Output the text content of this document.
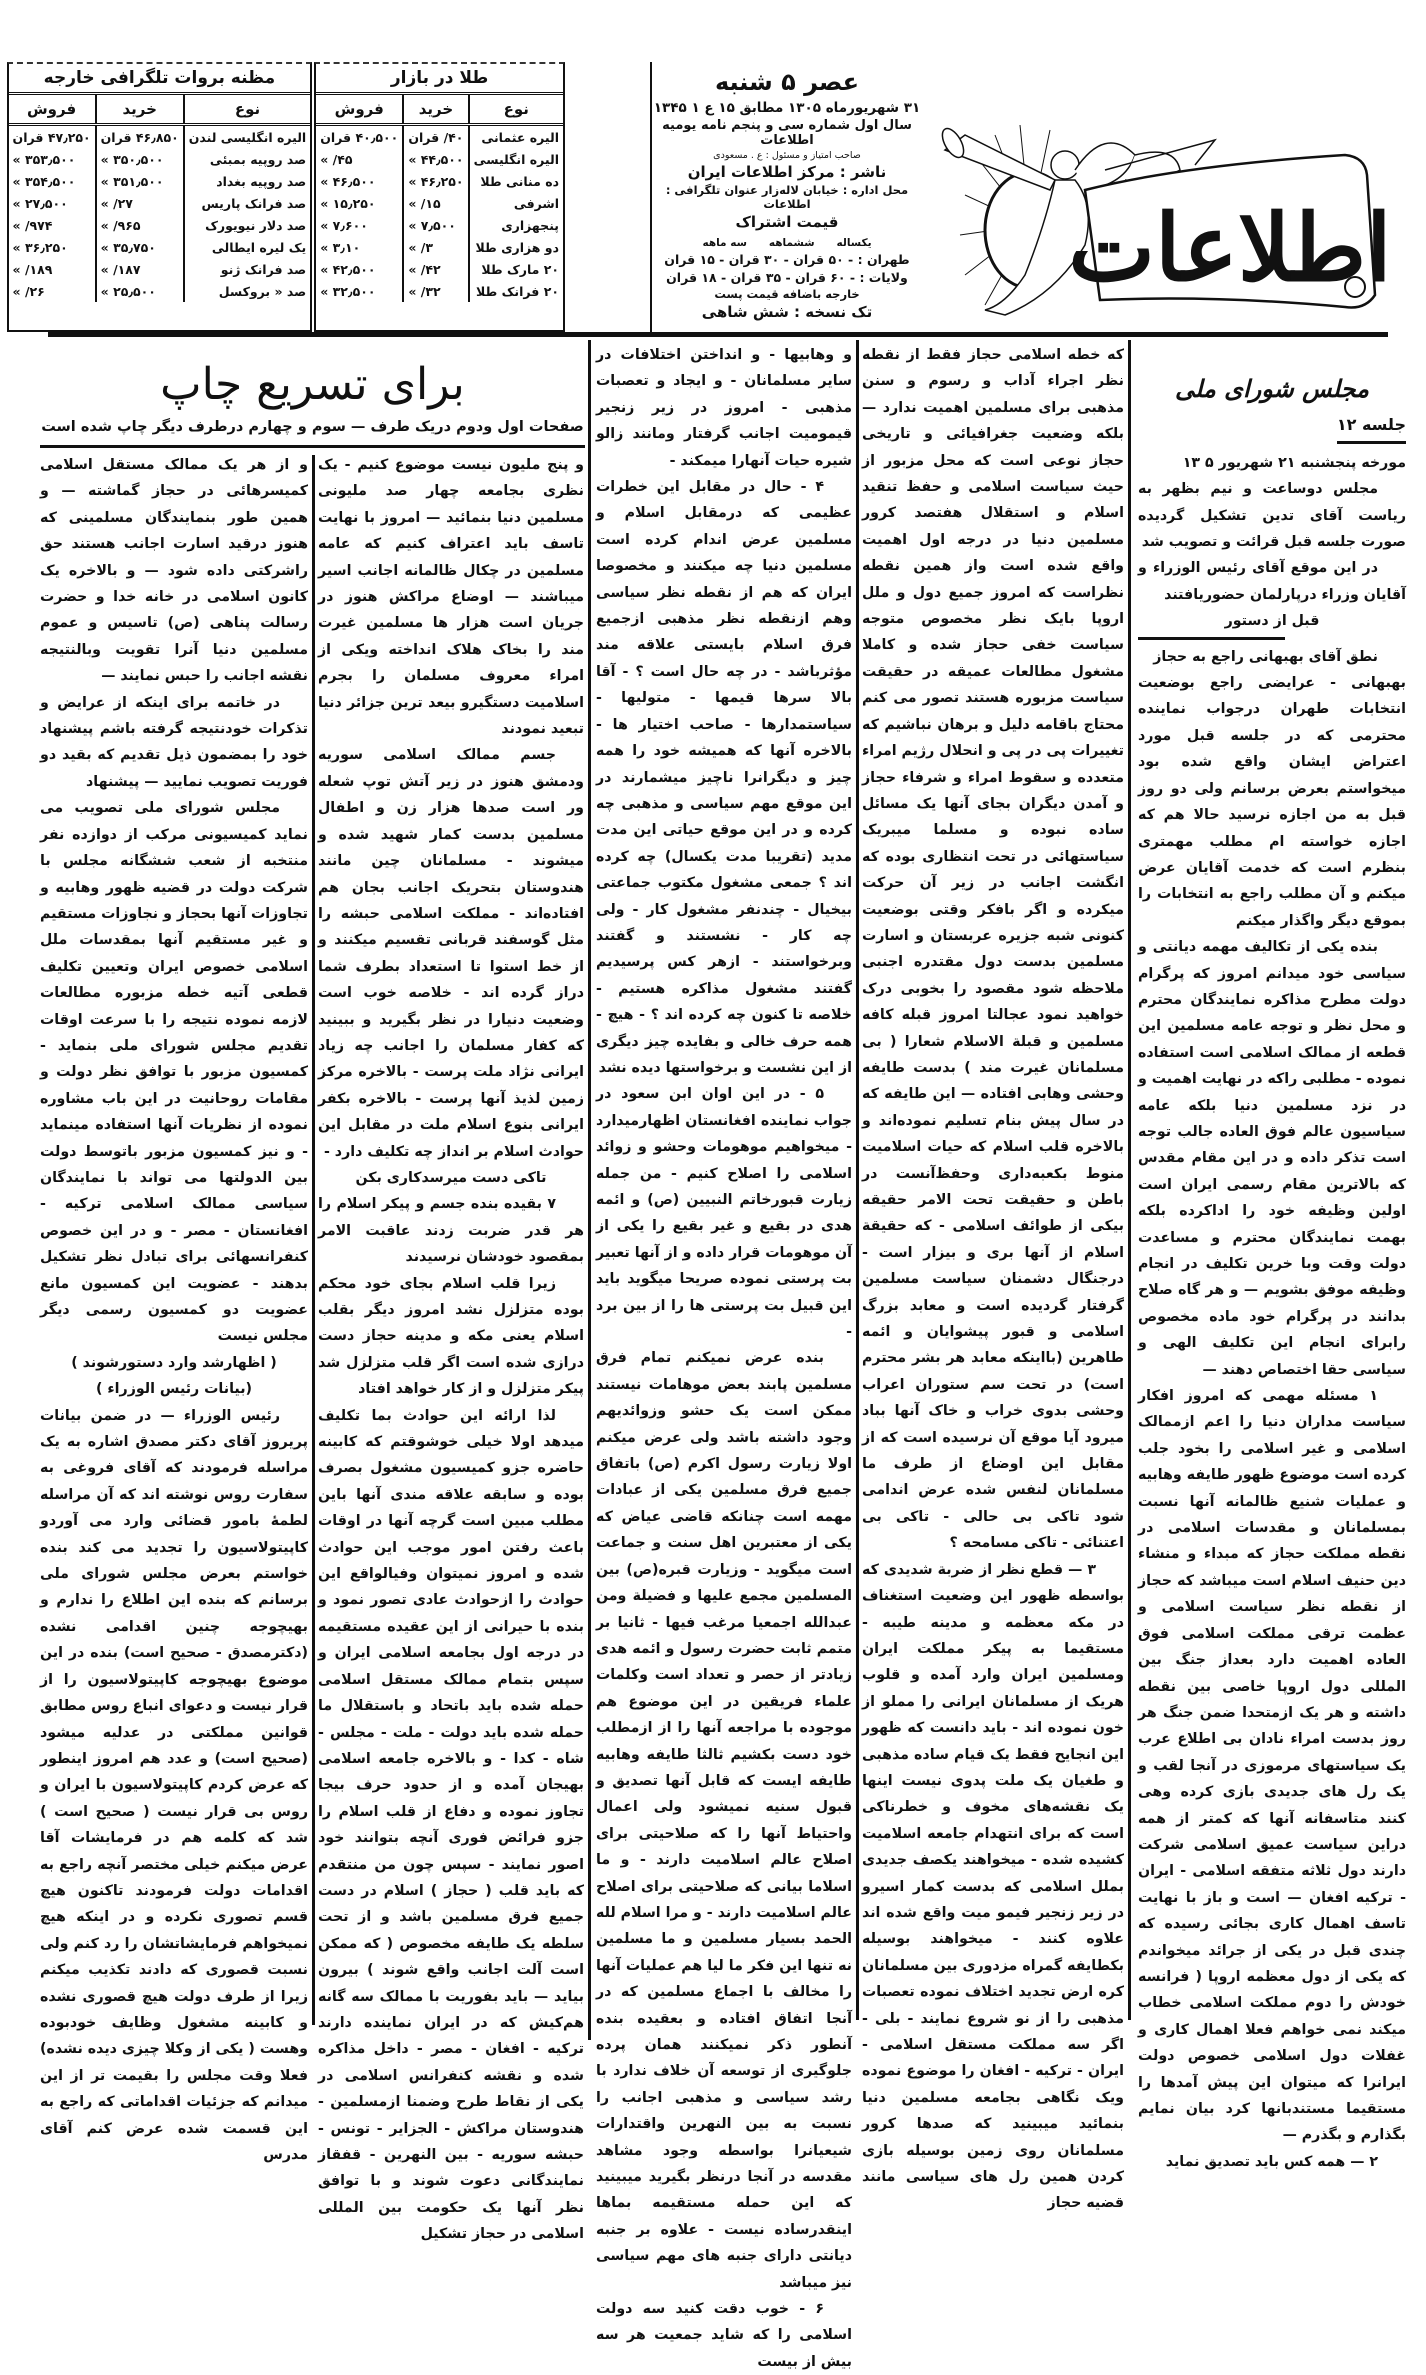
طلا در بازار
نوع	خرید	فروش
الیره عثمانی	۴۰/ قران	۴۰٫۵۰۰ قران
الیره انگلیسی	۴۴٫۵۰۰ »	۴۵/ »
ده منانی طلا	۴۶٫۲۵۰ »	۴۶٫۵۰۰ »
اشرفی	۱۵/ »	۱۵٫۲۵۰ »
پنجهزاری	۷٫۵۰۰ »	۷٫۶۰۰ »
دو هزاری طلا	۳/ »	۳٫۱۰ »
۲۰ مارک طلا	۴۲/ »	۴۲٫۵۰۰ »
۲۰ فرانک طلا	۳۲/ »	۳۲٫۵۰۰ »
مظنه بروات تلگرافی خارجه
نوع	خرید	فروش
الیره انگلیسی لندن	۴۶٫۸۵۰ قران	۴۷٫۲۵۰ قران
صد روپیه بمبئی	۳۵۰٫۵۰۰ »	۳۵۳٫۵۰۰ »
صد روپیه بغداد	۳۵۱٫۵۰۰ »	۳۵۴٫۵۰۰ »
صد فرانک پاریس	۲۷/ »	۲۷٫۵۰۰ »
صد دلار نیویورک	۹۶۵/ »	۹۷۴/ »
یک لیره ایطالی	۳۵٫۷۵۰ »	۳۶٫۲۵۰ »
صد فرانک ژنو	۱۸۷/ »	۱۸۹/ »
صد « بروکسل	۲۵٫۵۰۰ »	۲۶/ »
عصر ۵ شنبه
۳۱ شهریورماه ۱۳۰۵ مطابق ۱۵ ع ۱ ۱۳۴۵
سال اول شماره سی و پنجم نامه یومیه اطلاعات
صاحب امتیاز و مسئول : ع . مسعودی
ناشر : مرکز اطلاعات ایران
محل اداره : خیابان لاله‌زار عنوان تلگرافی : اطلاعات
قیمت اشتراک
یکساله
ششماهه
سه ماهه
طهران : - ۵۰ قران - ۳۰ قران - ۱۵ قران
ولایات : - ۶۰ قران - ۳۵ قران - ۱۸ قران
خارجه باضافه قیمت پست
تک نسخه : شش شاهی
اطلاعات
برای تسریع چاپ
صفحات اول ودوم دریک طرف — سوم و چهارم درطرف دیگر چاپ شده است
مجلس شورای ملی
جلسه ۱۲

مورخه پنجشنبه ۲۱ شهریور ۵ ۱۳

مجلس دوساعت و نیم بظهر به ریاست آقای تدین تشکیل گردیده صورت جلسه قبل قرائت و تصویب شد

در این موقع آقای رئیس الوزراء و آقایان وزراء درپارلمان حضوریافتند

قبل از دستور

نطق آقای بهبهانی راجع به حجاز

بهبهانی - عرایضی راجع بوضعیت انتخابات طهران درجواب نماینده محترمی که در جلسه قبل مورد اعتراض ایشان واقع شده بود میخواستم بعرض برسانم ولی دو روز قبل به من اجازه نرسید حالا هم که اجازه خواسته ام مطلب مهمتری بنظرم است که خدمت آقایان عرض میکنم و آن مطلب راجع به انتخابات را بموقع دیگر واگذار میکنم

بنده یکی از تکالیف مهمه دیانتی و سیاسی خود میدانم امروز که پرگرام دولت مطرح مذاکره نمایندگان محترم و محل نظر و توجه عامه مسلمین این قطعه از ممالک اسلامی است استفاده نموده - مطلبی راکه در نهایت اهمیت و در نزد مسلمین دنیا بلکه عامه سیاسیون عالم فوق العاده جالب توجه است تذکر داده و در این مقام مقدس که بالاترین مقام رسمی ایران است اولین وظیفه خود را اداکرده بلکه بهمت نمایندگان محترم و مساعدت دولت وقت وبا خرین تکلیف در انجام وظیفه موفق بشویم — و هر گاه صلاح بدانند در پرگرام خود ماده مخصوص رابرای انجام این تکلیف الهی و سیاسی حقا اختصاص دهند —

۱ مسئله مهمی که امروز افکار سیاست مداران دنیا را اعم ازممالک اسلامی و غیر اسلامی را بخود جلب کرده است موضوع ظهور طایفه وهابیه و عملیات شنیع ظالمانه آنها نسبت بمسلمانان و مقدسات اسلامی در نقطه مملکت حجاز که مبداء و منشاء دین حنیف اسلام است میباشد که حجاز از نقطه نظر سیاست اسلامی و عظمت ترقی مملکت اسلامی فوق العاده اهمیت دارد بعداز جنگ بین المللی دول اروپا خاصی بین نقطه داشته و هر یک ازمتحدا ضمن جنگ هر روز بدست امراء نادان بی اطلاع عرب یک سیاستهای مرموزی در آنجا لقب و یک رل های جدیدی بازی کرده وهی کنند متاسفانه آنها که کمتر از همه دراین سیاست عمیق اسلامی شرکت دارند دول ثلاثه متفقه اسلامی - ایران - ترکیه افغان — است و باز با نهایت تاسف اهمال کاری بجائی رسیده که چندی قبل در یکی از جرائد میخواندم که یکی از دول معظمه اروپا ( فرانسه خودش را دوم مملکت اسلامی خطاب میکند نمی خواهم فعلا اهمال کاری و غفلات دول اسلامی خصوص دولت ایرانرا که میتوان این پیش آمدها را مستقیما مستندبانها کرد بیان نمایم بگذارم و بگذرم —

۲ — همه کس باید تصدیق نماید

که خطه اسلامی حجاز فقط از نقطه نظر اجراء آداب و رسوم و سنن مذهبی برای مسلمین اهمیت ندارد — بلکه وضعیت جغرافیائی و تاریخی حجاز نوعی است که محل مزبور از حیث سیاست اسلامی و حفظ تنقید اسلام و استقلال هفتصد کرور مسلمین دنیا در درجه اول اهمیت واقع شده است واز همین نقطه نظراست که امروز جمیع دول و ملل اروپا بایک نظر مخصوص متوجه سیاست خفی حجاز شده و کاملا مشغول مطالعات عمیقه در حقیقت سیاست مزبوره هستند تصور می کنم محتاج باقامه دلیل و برهان نباشیم که تغییرات پی در پی و انحلال رژیم امراء متعدده و سقوط امراء و شرفاء حجاز و آمدن دیگران بجای آنها یک مسائل ساده نبوده و مسلما میبریک سیاستهائی در تحت انتظاری بوده که انگشت اجانب در زیر آن حرکت میکرده و اگر بافکر وقتی بوضعیت کنونی شبه جزیره عربستان و اسارت مسلمین بدست دول مقتدره اجنبی ملاحظه شود مقصود را بخوبی درک خواهید نمود عجالتا امروز قبله کافه مسلمین و قبلة الاسلام شعارا ( بی مسلمانان غیرت مند ) بدست طایفه وحشی وهابی افتاده — این طایفه که در سال پیش بنام تسلیم نموده‌اند و بالاخره قلب اسلام که حیات اسلامیت منوط بکعبه‌داری وحفظ‌آنست در باطن و حقیقت تحت الامر حقیقه بیکی از طوائف اسلامی - که حقیقة اسلام از آنها بری و بیزار است - درجنگال دشمنان سیاست مسلمین گرفتار گردیده است و معابد بزرگ اسلامی و قبور پیشوایان و ائمه طاهرین (بااینکه معابد هر بشر محترم است) در تحت سم ستوران اعراب وحشی بدوی خراب و خاک آنها بباد میرود آیا موقع آن نرسیده است که از مقابل این اوضاع از طرف ما مسلمانان لنفس شده عرض اندامی شود تاکی بی حالی - تاکی بی اعتنائی - تاکی مسامحه ؟

۳ — قطع نظر از ضربة شدیدی که بواسطه ظهور این وضعیت استغناف در مکه معظمه و مدینه طیبه - مستقیما به پیکر مملکت ایران ومسلمین ایران وارد آمده و قلوب هریک از مسلمانان ایرانی را مملو از خون نموده اند - باید دانست که ظهور این انجایح فقط یک قیام ساده مذهبی و طغیان یک ملت پدوی نیست اینها یک نقشه‌های مخوف و خطرناکی است که برای انتهدام جامعه اسلامیت کشیده شده - میخواهند یکصف جدیدی بملل اسلامی که بدست کمار اسیرو در زیر زنجیر فیمو میت واقع شده اند علاوه کنند - میخواهند بوسیله بکطایفه گمراه مزدوری بین مسلمانان کره ارض تجدید اختلاف نموده تعصبات مذهبی را از نو شروع نمایند - بلی - اگر سه مملکت مستقل اسلامی - ایران - ترکیه - افغان را موضوع نموده ویک نگاهی بجامعه مسلمین دنیا بنمائید میبینید که صدها کرور مسلمانان روی زمین بوسیله بازی کردن همین رل های سیاسی مانند قضیه حجاز

و وهابیها - و انداختن اختلافات در سایر مسلمانان - و ایجاد و تعصبات مذهبی - امروز در زیر زنجیر قیمومیت اجانب گرفتار ومانند زالو شیره حیات آنهارا میمکند -

۴ - حال در مقابل این خطرات عظیمی که درمقابل اسلام و مسلمین عرض اندام کرده است مسلمین دنیا چه میکنند و مخصوصا ایران که هم از نقطه نظر سیاسی وهم ازنقطه نظر مذهبی ازجمیع فرق اسلام بایستی علاقه مند مؤثرباشد - در چه حال است ؟ - آقا بالا سرها قیمها - متولیها - سیاستمدارها - صاحب اختیار ها - بالاخره آنها که همیشه خود را همه چیز و دیگرانرا ناچیز میشمارند در این موقع مهم سیاسی و مذهبی چه کرده و در این موقع حیاتی این مدت مدید (تقریبا مدت یکسال) چه کرده اند ؟ جمعی مشغول مکتوب جماعتی بیخیال - چندنفر مشغول کار - ولی چه کار - نشستند و گفتند وبرخواستند - ازهر کس پرسیدیم گفتند مشغول مذاکره هستیم - خلاصه تا کنون چه کرده اند ؟ - هیچ - همه حرف خالی و بفایده چیز دیگری از این نشست و برخواستها دیده نشد

۵ - در این اوان ابن سعود در جواب نماینده افغانستان اظهارمیدارد - میخواهیم موهومات وحشو و زوائد اسلامی را اصلاح کنیم - من جمله زیارت قبورخاتم النبیین (ص) و ائمه هدی در بقیع و غیر بقیع را یکی از آن موهومات قرار داده و از آنها تعبیر بت پرستی نموده صریحا میگوید باید این قبیل بت پرستی ها را از بین برد -

بنده عرض نمیکنم تمام فرق مسلمین پابند بعض موهامات نیستند ممکن است یک حشو وزوائدیهم وجود داشته باشد ولی عرض میکنم اولا زیارت رسول اکرم (ص) باتفاق جمیع فرق مسلمین یکی از عبادات مهمه است چنانکه قاضی عیاض که یکی از معتبرین اهل سنت و جماعت است میگوید - وزیارت قبره(ص) بین المسلمین مجمع علیها و فضیلة ومن عبدالله اجمعیا مرغب فیها - ثانیا بر متمم ثابت حضرت رسول و ائمه هدی زیادتر از حصر و تعداد است وکلمات علماء فریقین در این موضوع هم موجوده با مراجعه آنها را از ازمطلب خود دست بکشیم ثالثا طایفه وهابیه طایفه ایست که قابل آنها تصدیق و قبول سنیه نمیشود ولی اعمال واحتیاط آنها را که صلاحیتی برای اصلاح عالم اسلامیت دارند - و ما اسلاما بیانی که صلاحیتی برای اصلاح عالم اسلامیت دارند - و مرا اسلام لله الحمد بسیار مسلمین و ما مسلمین نه تنها این فکر ما لیا هم عملیات آنها را مخالف با اجماع مسلمین که در آنجا اتفاق افتاده و بعقیده بنده آنطور ذکر نمیکنند همان پرده جلوگیری از توسعه آن خلاف ندارد با رشد سیاسی و مذهبی اجانب را نسبت به بین النهرین واقتدارات شیعیانرا بواسطه وجود مشاهد مقدسه در آنجا درنظر بگیرید میبینید که این حمله مستقیمه بماها اینقدرساده نیست - علاوه بر جنبه دیانتی دارای جنبه های مهم سیاسی نیز میباشد

۶ - خوب دقت کنید سه دولت اسلامی را که شاید جمعیت هر سه بیش از بیست

و پنج ملیون نیست موضوع کنیم - یک نظری بجامعه چهار صد ملیونی مسلمین دنیا بنمائید — امروز با نهایت تاسف باید اعتراف کنیم که عامه مسلمین در چکال ظالمانه اجانب اسیر میباشند — اوضاع مراکش هنوز در جریان است هزار ها مسلمین غیرت مند را بخاک هلاک انداخته ویکی از امراء معروف مسلمان را بجرم اسلامیت دستگیرو بیعد ترین جزائر دنیا تبعید نمودند

جسم ممالک اسلامی سوریه ودمشق هنوز در زیر آتش توپ شعله ور است صدها هزار زن و اطفال مسلمین بدست کمار شهید شده و میشوند - مسلمانان چین مانند هندوستان بتحریک اجانب بجان هم افتاده‌اند - مملکت اسلامی حبشه را مثل گوسفند قربانی تقسیم میکنند و از خط استوا تا استعداد بطرف شما دراز گرده اند - خلاصه خوب است وضعیت دنیارا در نظر بگیرید و ببینید که کفار مسلمان را اجانب چه زیاد ایرانی نژاد ملت پرست - بالاخره مرکز زمین لذیذ آنها پرست - بالاخره بکفر ایرانی بنوع اسلام ملت در مقابل این حوادث اسلام بر انداز چه تکلیف دارد -

تاکی دست میرسدکاری بکن

۷ بقیده بنده جسم و پیکر اسلام را هر قدر ضربت زدند عاقبت الامر بمقصود خودشان نرسیدند

زیرا قلب اسلام بجای خود محکم بوده متزلزل نشد امروز دیگر بقلب اسلام یعنی مکه و مدینه حجاز دست درازی شده است اگر قلب متزلزل شد پیکر متزلزل و از کار خواهد افتاد

لذا ارائه این حوادث بما تکلیف میدهد اولا خیلی خوشوقتم که کابینه حاضره جزو کمیسیون مشغول بصرف بوده و سابقه علاقه مندی آنها باین مطلب مبین است گرچه آنها در اوقات باعث رفتن امور موجب این حوادث شده و امروز نمیتوان وفیالواقع این حوادث را ازحوادث عادی تصور نمود و بنده با حیرانی از این عقیده مستقیمه در درجه اول بجامعه اسلامی ایران و سپس بتمام ممالک مستقل اسلامی حمله شده باید باتحاد و باستقلال ما حمله شده باید دولت - ملت - مجلس - شاه - کدا - و بالاخره جامعه اسلامی بهیجان آمده و از حدود حرف بیجا تجاوز نموده و دفاع از قلب اسلام را جزو فرائض فوری آنچه بتوانند خود اصور نمایند - سپس چون من منتقدم که باید قلب ( حجاز ) اسلام در دست جمیع فرق مسلمین باشد و از تحت سلطه یک طایفه مخصوص ( که ممکن است آلت اجانب واقع شوند ) بیرون بیاید — باید بفوریت با ممالک سه گانه هم‌کیش که در ایران نماینده دارند ترکیه - افغان - مصر - داخل مذاکره شده و نقشه کنفرانس اسلامی در یکی از نقاط طرح وضمنا ازمسلمین - هندوستان مراکش - الجزایر - تونس - حبشه سوریه - بین النهرین - قفقاز نمایندگانی دعوت شوند و با توافق نظر آنها یک حکومت بین المللی اسلامی در حجاز تشکیل

و از هر یک ممالک مستقل اسلامی کمیسرهائی در حجاز گماشته — و همین طور بنمایندگان مسلمینی که هنوز درقید اسارت اجانب هستند حق راشرکتی داده شود — و بالاخره یک کانون اسلامی در خانه خدا و حضرت رسالت پناهی (ص) تاسیس و عموم مسلمین دنیا آنرا تقویت وبالنتیجه نقشه اجانب را حبس نمایند —

در خاتمه برای اینکه از عرایض و تذکرات خودنتیجه گرفته باشم پیشنهاد خود را بمضمون ذیل تقدیم که بقید دو فوریت تصویب نمایید — پیشنهاد

مجلس شورای ملی تصویب می نماید کمیسیونی مرکب از دوازده نفر منتخبه از شعب ششگانه مجلس با شرکت دولت در قضیه ظهور وهابیه و تجاوزات آنها بحجاز و نجاوزات مستقیم و غیر مستقیم آنها بمقدسات ملل اسلامی خصوص ایران وتعیین تکلیف قطعی آتیه خطه مزبوره مطالعات لازمه نموده نتیجه را با سرعت اوقات تقدیم مجلس شورای ملی بنماید - کمسیون مزبور با توافق نظر دولت و مقامات روحانیت در این باب مشاوره نموده از نظریات آنها استفاده مینماید - و نیز کمسیون مزبور باتوسط دولت بین الدولتها می تواند با نمایندگان سیاسی ممالک اسلامی ترکیه - افغانستان - مصر - و در این خصوص کنفرانسهائی برای تبادل نظر تشکیل بدهند - عضویت این کمسیون مانع عضویت دو کمسیون رسمی دیگر مجلس نیست

( اظهارشد وارد دستورشوند )

(بیانات رئیس الوزراء )

رئیس الوزراء — در ضمن بیانات پریروز آقای دکتر مصدق اشاره به یک مراسله فرمودند که آقای فروغی به سفارت روس نوشته اند که آن مراسله لطمهٔ بامور قضائی وارد می آوردو کاپیتولاسیون را تجدید می کند بنده خواستم بعرض مجلس شورای ملی برسانم که بنده این اطلاع را ندارم و بهیچوجه چنین اقدامی نشده (دکترمصدق - صحیح است) بنده در این موضوع بهیچوجه کاپیتولاسیون را از قرار نیست و دعوای انباع روس مطابق قوانین مملکتی در عدلیه میشود (صحیح است) و عدد هم امروز اینطور که عرض کردم کاپیتولاسیون با ایران و روس بی قرار نیست ( صحیح است ) شد که کلمه هم در فرمایشات آقا عرض میکنم خیلی مختصر آنچه راجع به اقدامات دولت فرمودند تاکنون هیچ قسم تصوری نکرده و در اینکه هیچ نمیخواهم فرمایشاتشان را رد کنم ولی نسبت قصوری که دادند تکذیب میکنم زیرا از طرف دولت هیچ قصوری نشده و کابینه مشغول وظایف خودبوده وهست ( یکی از وکلا چیزی دیده نشده) فعلا وقت مجلس را بقیمت تر از این میدانم که جزئیات اقداماتی که راجع به این قسمت شده عرض کنم آقای مدرس
